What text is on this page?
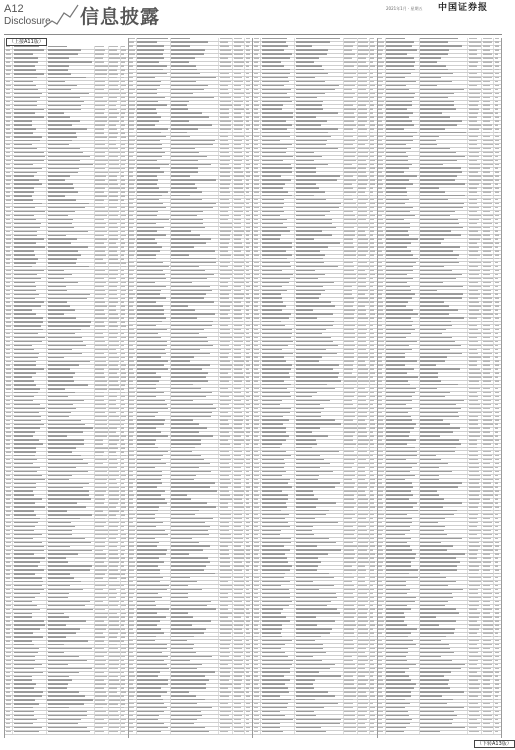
A12
Disclosure 信息披露	2021年1月 · 星期五 中国证券报
（上接A11版）
（下转A13版）
